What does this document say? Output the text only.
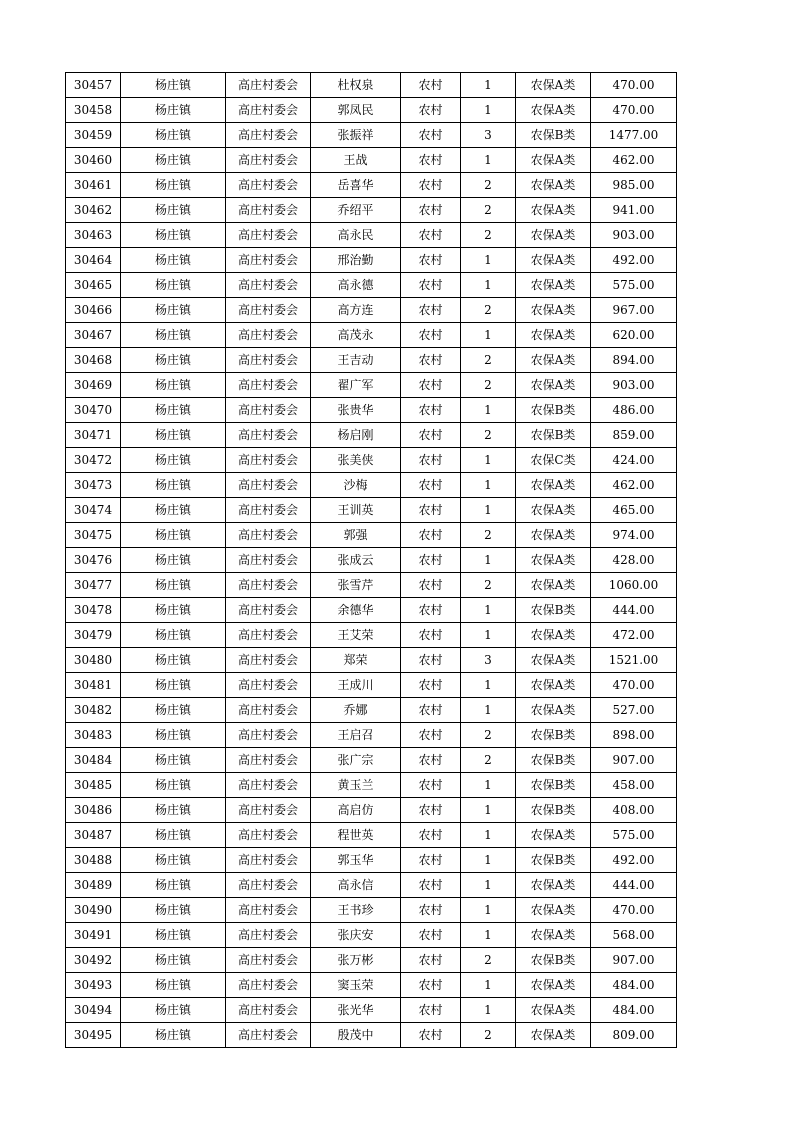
30457	杨庄镇	高庄村委会	杜权泉	农村	1	农保A类	470.00
30458	杨庄镇	高庄村委会	郭凤民	农村	1	农保A类	470.00
30459	杨庄镇	高庄村委会	张振祥	农村	3	农保B类	1477.00
30460	杨庄镇	高庄村委会	王战	农村	1	农保A类	462.00
30461	杨庄镇	高庄村委会	岳喜华	农村	2	农保A类	985.00
30462	杨庄镇	高庄村委会	乔绍平	农村	2	农保A类	941.00
30463	杨庄镇	高庄村委会	高永民	农村	2	农保A类	903.00
30464	杨庄镇	高庄村委会	邢治勤	农村	1	农保A类	492.00
30465	杨庄镇	高庄村委会	高永德	农村	1	农保A类	575.00
30466	杨庄镇	高庄村委会	高方连	农村	2	农保A类	967.00
30467	杨庄镇	高庄村委会	高茂永	农村	1	农保A类	620.00
30468	杨庄镇	高庄村委会	王吉动	农村	2	农保A类	894.00
30469	杨庄镇	高庄村委会	翟广军	农村	2	农保A类	903.00
30470	杨庄镇	高庄村委会	张贵华	农村	1	农保B类	486.00
30471	杨庄镇	高庄村委会	杨启刚	农村	2	农保B类	859.00
30472	杨庄镇	高庄村委会	张美侠	农村	1	农保C类	424.00
30473	杨庄镇	高庄村委会	沙梅	农村	1	农保A类	462.00
30474	杨庄镇	高庄村委会	王训英	农村	1	农保A类	465.00
30475	杨庄镇	高庄村委会	郭强	农村	2	农保A类	974.00
30476	杨庄镇	高庄村委会	张成云	农村	1	农保A类	428.00
30477	杨庄镇	高庄村委会	张雪芹	农村	2	农保A类	1060.00
30478	杨庄镇	高庄村委会	余德华	农村	1	农保B类	444.00
30479	杨庄镇	高庄村委会	王艾荣	农村	1	农保A类	472.00
30480	杨庄镇	高庄村委会	郑荣	农村	3	农保A类	1521.00
30481	杨庄镇	高庄村委会	王成川	农村	1	农保A类	470.00
30482	杨庄镇	高庄村委会	乔娜	农村	1	农保A类	527.00
30483	杨庄镇	高庄村委会	王启召	农村	2	农保B类	898.00
30484	杨庄镇	高庄村委会	张广宗	农村	2	农保B类	907.00
30485	杨庄镇	高庄村委会	黄玉兰	农村	1	农保B类	458.00
30486	杨庄镇	高庄村委会	高启仿	农村	1	农保B类	408.00
30487	杨庄镇	高庄村委会	程世英	农村	1	农保A类	575.00
30488	杨庄镇	高庄村委会	郭玉华	农村	1	农保B类	492.00
30489	杨庄镇	高庄村委会	高永信	农村	1	农保A类	444.00
30490	杨庄镇	高庄村委会	王书珍	农村	1	农保A类	470.00
30491	杨庄镇	高庄村委会	张庆安	农村	1	农保A类	568.00
30492	杨庄镇	高庄村委会	张万彬	农村	2	农保B类	907.00
30493	杨庄镇	高庄村委会	窦玉荣	农村	1	农保A类	484.00
30494	杨庄镇	高庄村委会	张光华	农村	1	农保A类	484.00
30495	杨庄镇	高庄村委会	殷茂中	农村	2	农保A类	809.00
